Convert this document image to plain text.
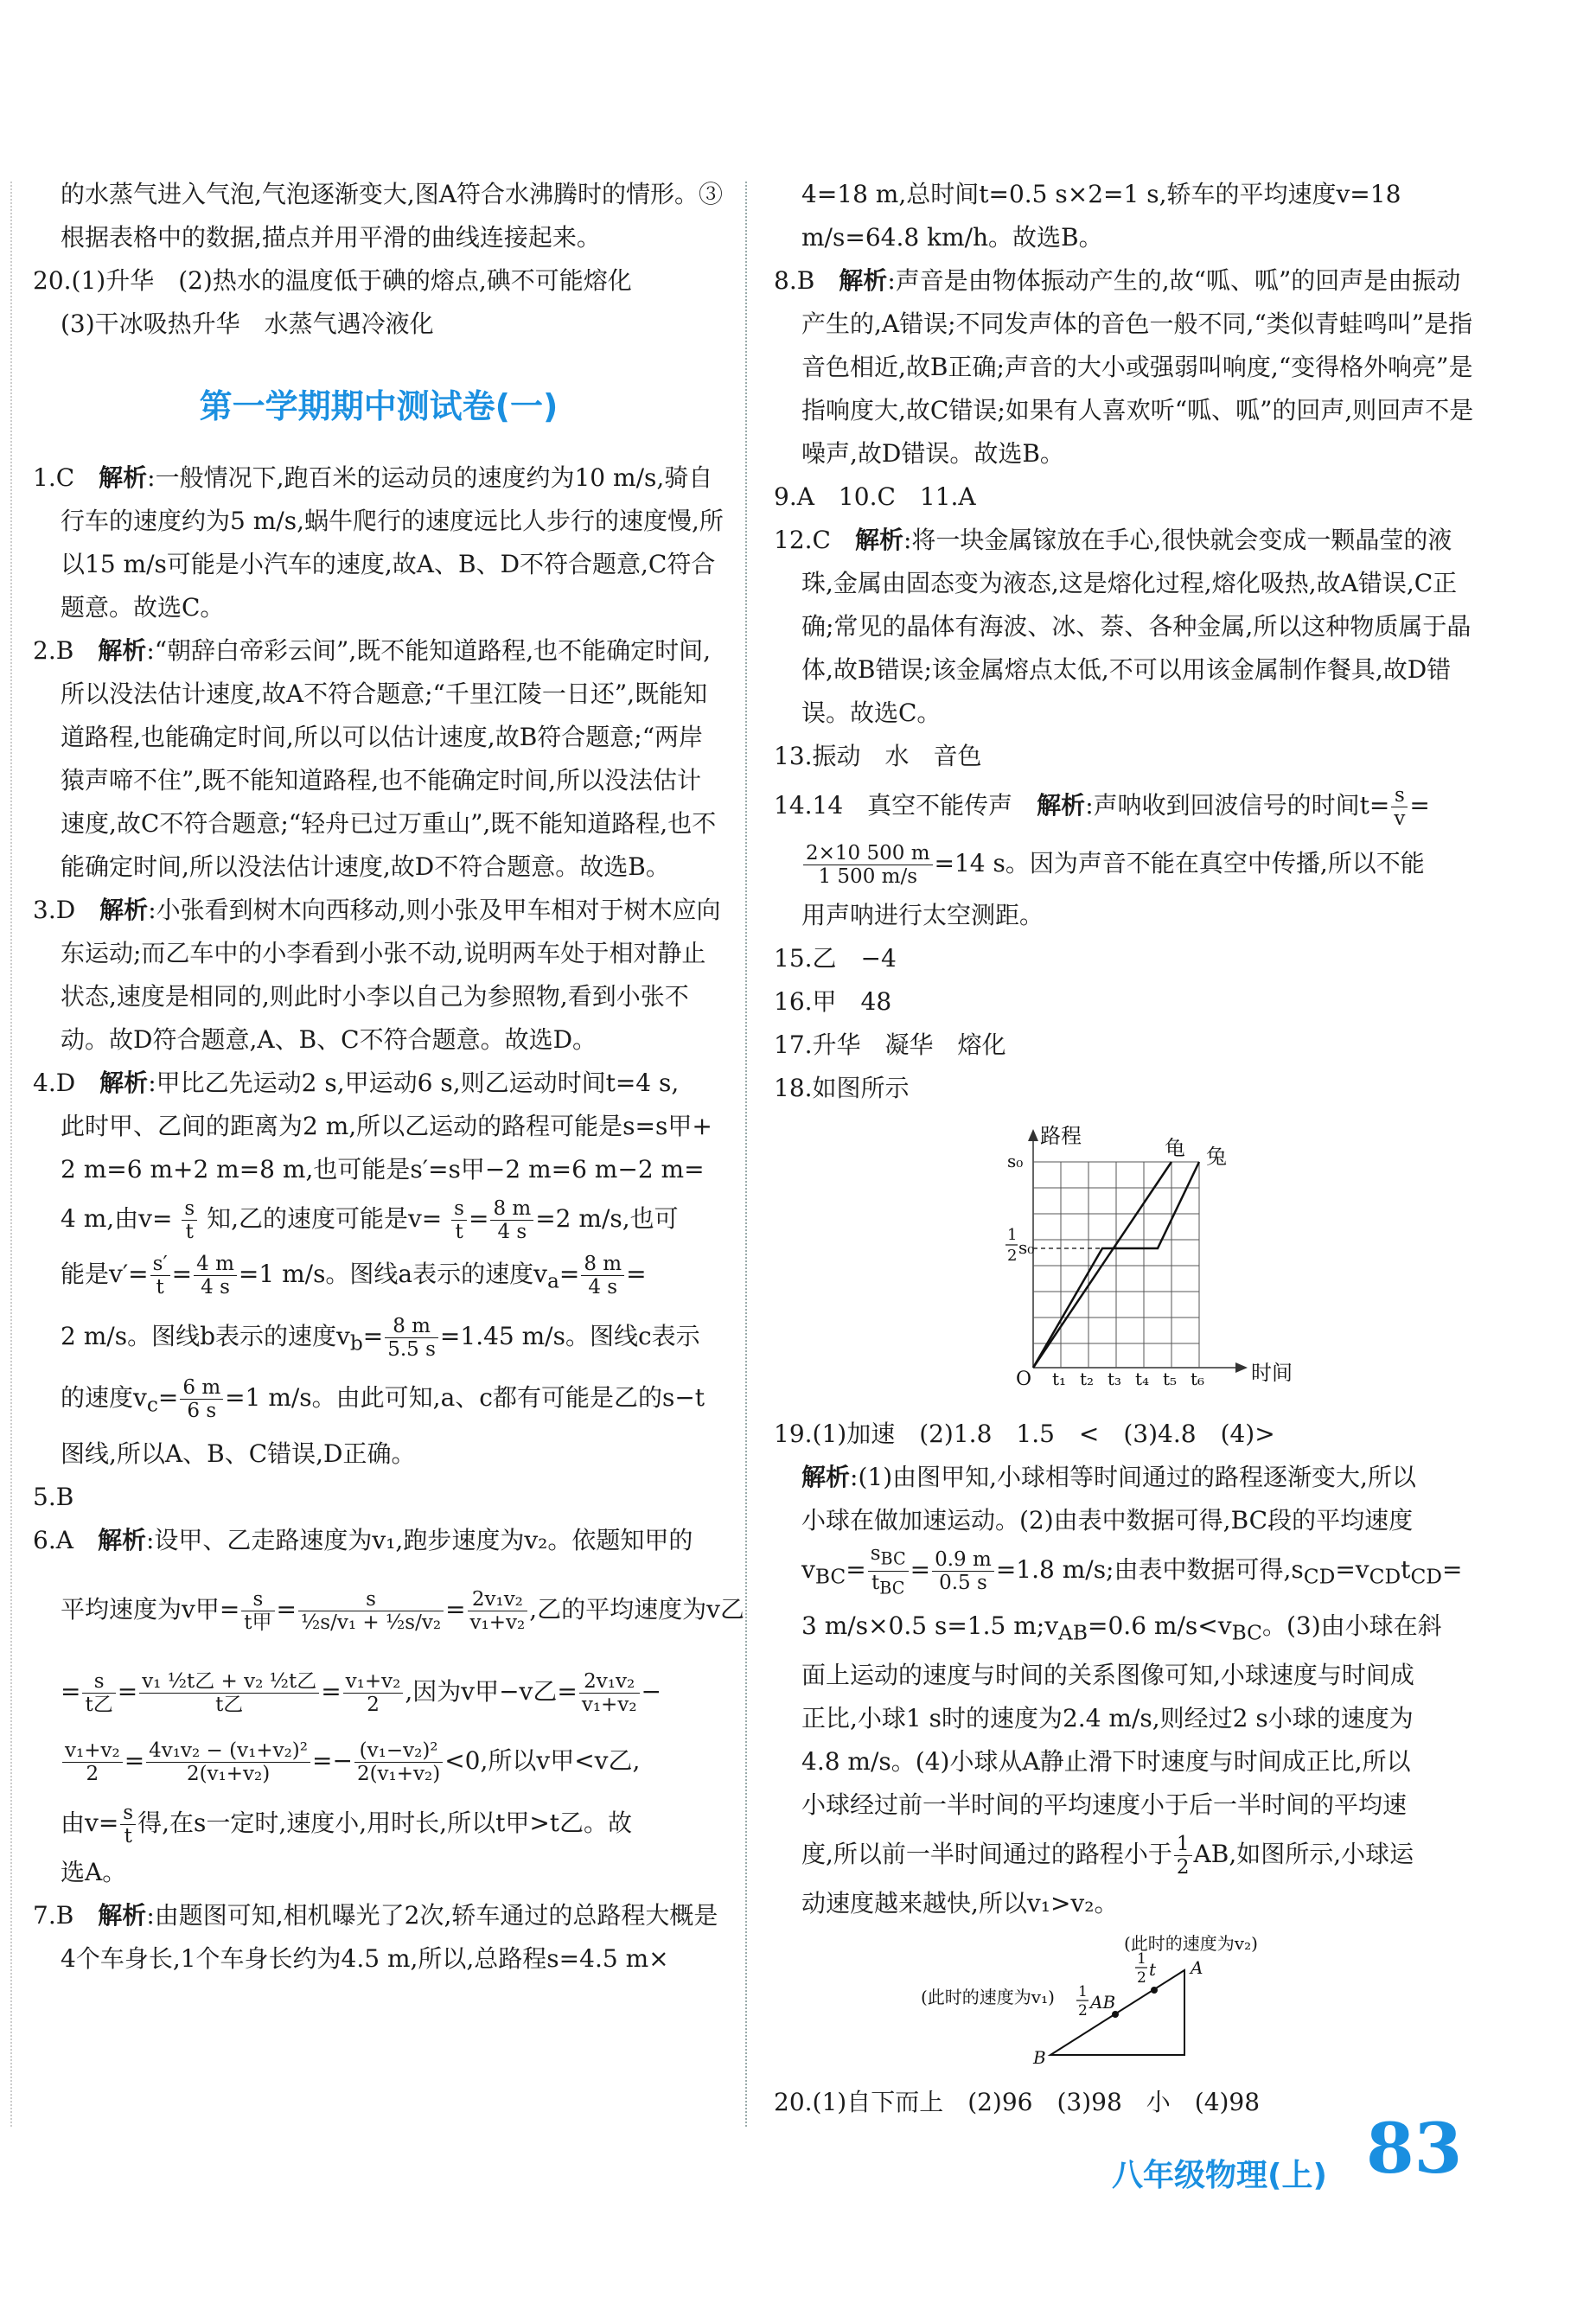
的水蒸气进入气泡,气泡逐渐变大,图A符合水沸腾时的情形。③根据表格中的数据,描点并用平滑的曲线连接起来。

20.(1)升华　(2)热水的温度低于碘的熔点,碘不可能熔化

(3)干冰吸热升华　水蒸气遇冷液化

第一学期期中测试卷(一)

1.C　解析:一般情况下,跑百米的运动员的速度约为10 m/s,骑自行车的速度约为5 m/s,蜗牛爬行的速度远比人步行的速度慢,所以15 m/s可能是小汽车的速度,故A、B、D不符合题意,C符合题意。故选C。

2.B　解析:“朝辞白帝彩云间”,既不能知道路程,也不能确定时间,所以没法估计速度,故A不符合题意;“千里江陵一日还”,既能知道路程,也能确定时间,所以可以估计速度,故B符合题意;“两岸猿声啼不住”,既不能知道路程,也不能确定时间,所以没法估计速度,故C不符合题意;“轻舟已过万重山”,既不能知道路程,也不能确定时间,所以没法估计速度,故D不符合题意。故选B。

3.D　解析:小张看到树木向西移动,则小张及甲车相对于树木应向东运动;而乙车中的小李看到小张不动,说明两车处于相对静止状态,速度是相同的,则此时小李以自己为参照物,看到小张不动。故D符合题意,A、B、C不符合题意。故选D。

4.D　解析:甲比乙先运动2 s,甲运动6 s,则乙运动时间t=4 s,
此时甲、乙间的距离为2 m,所以乙运动的路程可能是s=s甲+
2 m=6 m+2 m=8 m,也可能是s′=s甲−2 m=6 m−2 m=
4 m,由$v= \frac{s}{t}$ 知,乙的速度可能是$v= \frac{s}{t} = \frac{8 m}{4 s} =2$ m/s,也可
能是$v'= \frac{s'}{t} = \frac{4 m}{4 s} =1$ m/s。图线a表示的速度$v_a= \frac{8 m}{4 s}$ =
2 m/s。图线b表示的速度$v_b= \frac{8 m}{5.5 s} =1.45$ m/s。图线c表示
的速度$v_c= \frac{6 m}{6 s} =1$ m/s。由此可知,a、c都有可能是乙的s−t
图线,所以A、B、C错误,D正确。

5.B

6.A　解析:设甲、乙走路速度为v₁,跑步速度为v₂。依题知甲的
平均速度为v甲= $\frac{s}{\text{t甲}} = \frac{s}{\text{½s/v₁ + ½s/v₂}} = \frac{\text{2v₁v₂}}{\text{v₁+v₂}}$ ,乙的平均速度为v乙
= $\frac{s}{\text{t乙}} = \frac{\text{v₁ ½t乙 + v₂ ½t乙}}{\text{t乙}} = \frac{\text{v₁+v₂}}{2}$ ,因为v甲−v乙= $\frac{\text{2v₁v₂}}{\text{v₁+v₂}}$ −
$\frac{\text{v₁+v₂}}{2} = \frac{\text{4v₁v₂ − (v₁+v₂)²}}{\text{2(v₁+v₂)}} =- \frac{\text{(v₁−v₂)²}}{\text{2(v₁+v₂)}} <0$,所以v甲<v乙,
由$v= \frac{s}{t}$ 得,在s一定时,速度小,用时长,所以t甲>t乙。故
选A。

7.B　解析:由题图可知,相机曝光了2次,轿车通过的总路程大概是4个车身长,1个车身长约为4.5 m,所以,总路程s=4.5 m×

4=18 m,总时间t=0.5 s×2=1 s,轿车的平均速度v=18 m/s=64.8 km/h。故选B。

8.B　解析:声音是由物体振动产生的,故“呱、呱”的回声是由振动产生的,A错误;不同发声体的音色一般不同,“类似青蛙鸣叫”是指音色相近,故B正确;声音的大小或强弱叫响度,“变得格外响亮”是指响度大,故C错误;如果有人喜欢听“呱、呱”的回声,则回声不是噪声,故D错误。故选B。

9.A　10.C　11.A

12.C　解析:将一块金属镓放在手心,很快就会变成一颗晶莹的液珠,金属由固态变为液态,这是熔化过程,熔化吸热,故A错误,C正确;常见的晶体有海波、冰、萘、各种金属,所以这种物质属于晶体,故B错误;该金属熔点太低,不可以用该金属制作餐具,故D错误。故选C。

13.振动　水　音色

14.14　真空不能传声　解析:声呐收到回波信号的时间$t= \frac{s}{v}$ =
$\frac{2\times 10 500 m}{1 500 m/s} =14$ s。因为声音不能在真空中传播,所以不能
用声呐进行太空测距。

15.乙　−4

16.甲　48

17.升华　凝华　熔化

18.如图所示

路程
时间
s₀
1
2 s₀
O t₁ t₂ t₃ t₄ t₅ t₆
龟 兔

19.(1)加速　(2)1.8　1.5　<　(3)4.8　(4)>

解析:(1)由图甲知,小球相等时间通过的路程逐渐变大,所以
小球在做加速运动。(2)由表中数据可得,BC段的平均速度
$v_{BC}= \frac{s_{BC}}{t_{BC}} = \frac{0.9 m}{0.5 s} =1.8$ m/s;由表中数据可得$,s_{CD}=v_{CD}t_{CD}=$
3 m/s×0.5 s=1.5 $m;v_{AB}=0.6$ $m/s<v_{BC}$。(3)由小球在斜
面上运动的速度与时间的关系图像可知,小球速度与时间成
正比,小球1 s时的速度为2.4 m/s,则经过2 s小球的速度为
4.8 m/s。(4)小球从A静止滑下时速度与时间成正比,所以
小球经过前一半时间的平均速度小于后一半时间的平均速
度,所以前一半时间通过的路程小于 $\frac{1}{2}$ AB,如图所示,小球运
动速度越来越快,所以v₁>v₂。
(此时的速度为v₂)
(此时的速度为v₁) 1
2 AB
1
2 t A
B

20.(1)自下而上　(2)96　(3)98　小　(4)98

八年级物理(上) 83
